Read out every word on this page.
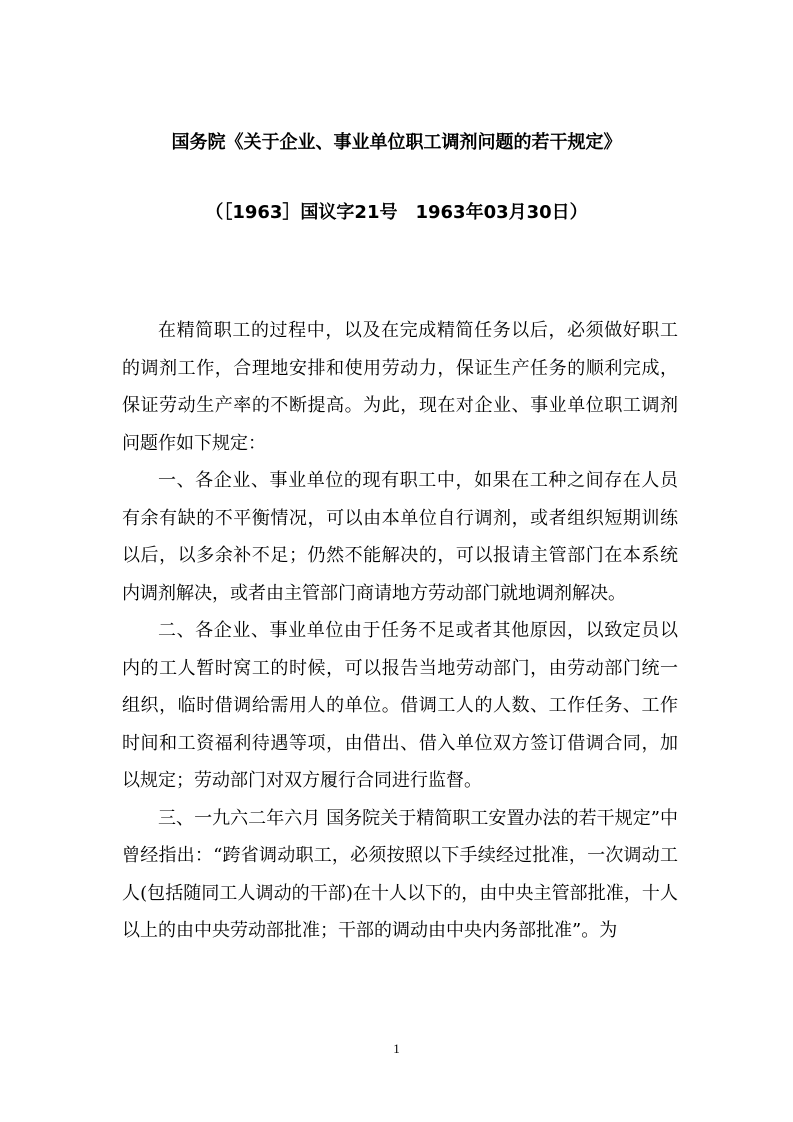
国务院《关于企业、事业单位职工调剂问题的若干规定》
（［1963］国议字21号　1963年03月30日）

在精简职工的过程中，以及在完成精简任务以后，必须做好职工的调剂工作，合理地安排和使用劳动力，保证生产任务的顺利完成，保证劳动生产率的不断提高。为此，现在对企业、事业单位职工调剂问题作如下规定：

一、各企业、事业单位的现有职工中，如果在工种之间存在人员有余有缺的不平衡情况，可以由本单位自行调剂，或者组织短期训练以后，以多余补不足；仍然不能解决的，可以报请主管部门在本系统内调剂解决，或者由主管部门商请地方劳动部门就地调剂解决。

二、各企业、事业单位由于任务不足或者其他原因，以致定员以内的工人暂时窝工的时候，可以报告当地劳动部门，由劳动部门统一组织，临时借调给需用人的单位。借调工人的人数、工作任务、工作时间和工资福利待遇等项，由借出、借入单位双方签订借调合同，加以规定；劳动部门对双方履行合同进行监督。

三、一九六二年六月 国务院关于精简职工安置办法的若干规定”中曾经指出：“跨省调动职工，必须按照以下手续经过批准，一次调动工人(包括随同工人调动的干部)在十人以下的，由中央主管部批准，十人以上的由中央劳动部批准；干部的调动由中央内务部批准”。为

1
